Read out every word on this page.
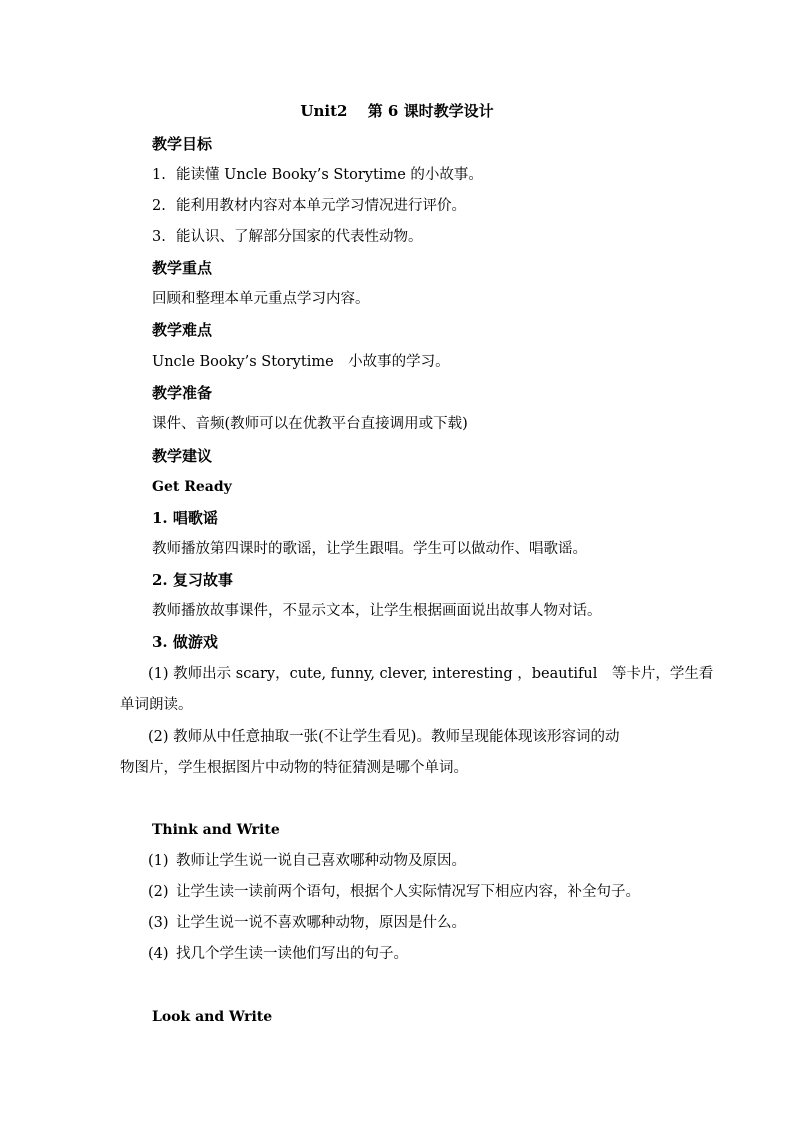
Unit2　 第 6 课时教学设计
教学目标
1. 能读懂 Uncle Booky’s Storytime 的小故事。
2. 能利用教材内容对本单元学习情况进行评价。
3. 能认识、了解部分国家的代表性动物。
教学重点
回顾和整理本单元重点学习内容。
教学难点
Uncle Booky’s Storytime　小故事的学习。
教学准备
课件、音频(教师可以在优教平台直接调用或下载)
教学建议
Get Ready
1. 唱歌谣
教师播放第四课时的歌谣，让学生跟唱。学生可以做动作、唱歌谣。
2. 复习故事
教师播放故事课件，不显示文本，让学生根据画面说出故事人物对话。
3. 做游戏
(1) 教师出示 scary，cute, funny, clever, interesting ，beautiful　等卡片，学生看
单词朗读。
(2) 教师从中任意抽取一张(不让学生看见)。教师呈现能体现该形容词的动
物图片，学生根据图片中动物的特征猜测是哪个单词。
Think and Write
(1) 教师让学生说一说自己喜欢哪种动物及原因。
(2) 让学生读一读前两个语句，根据个人实际情况写下相应内容，补全句子。
(3) 让学生说一说不喜欢哪种动物，原因是什么。
(4) 找几个学生读一读他们写出的句子。
Look and Write
